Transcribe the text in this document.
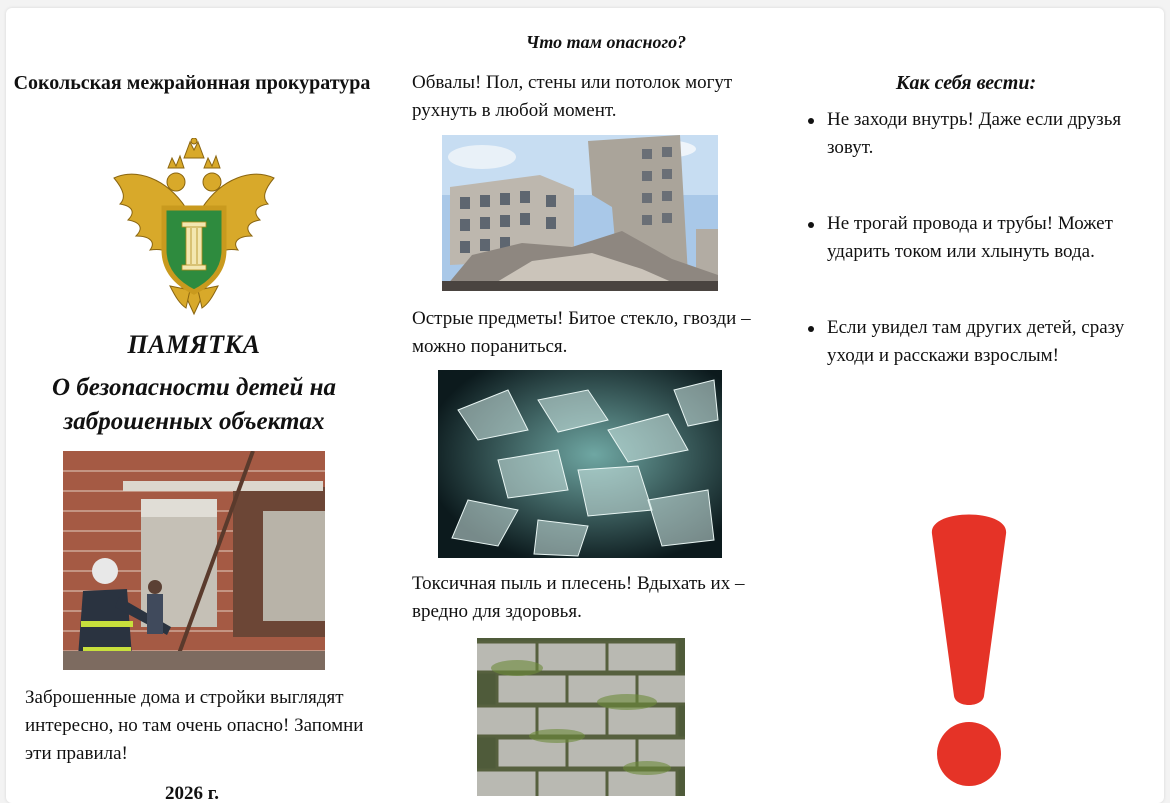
Сокольская межрайонная прокуратура
ПАМЯТКА
О безопасности детей на заброшенных объектах
Заброшенные дома и стройки выглядят интересно, но там очень опасно! Запомни эти правила!
2026 г.
Что там опасного?
Обвалы! Пол, стены или потолок могут рухнуть в любой момент.
Острые предметы! Битое стекло, гвозди – можно пораниться.
Токсичная пыль и плесень! Вдыхать их – вредно для здоровья.
Как себя вести:
Не заходи внутрь! Даже если друзья зовут.
Не трогай провода и трубы! Может ударить током или хлынуть вода.
Если увидел там других детей, сразу уходи и расскажи взрослым!
